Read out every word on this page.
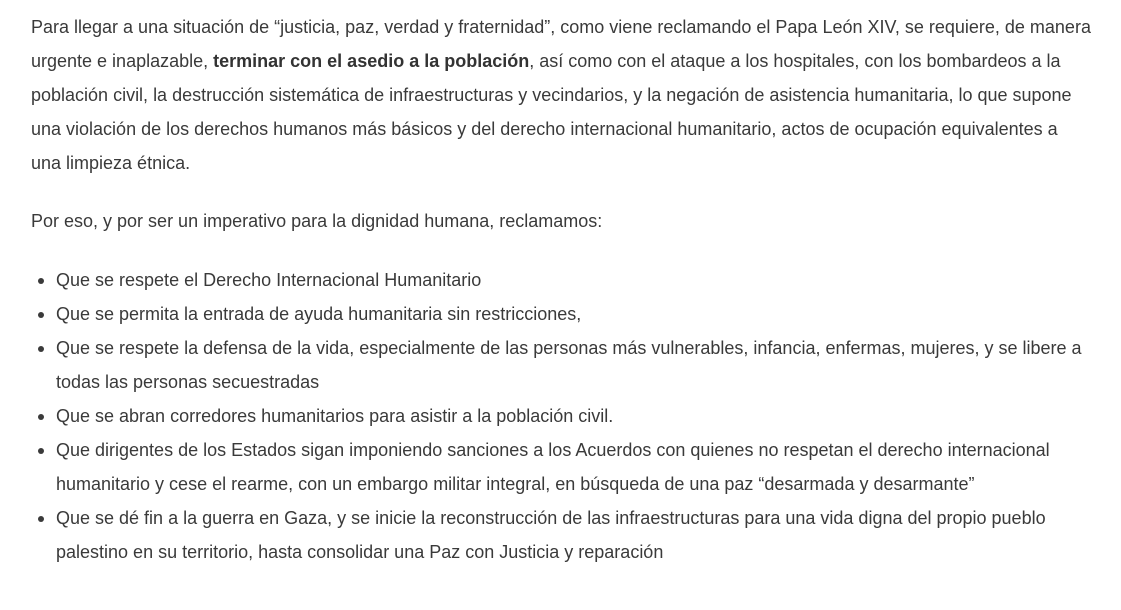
Para llegar a una situación de “justicia, paz, verdad y fraternidad”, como viene reclamando el Papa León XIV, se requiere, de manera urgente e inaplazable, terminar con el asedio a la población, así como con el ataque a los hospitales, con los bombardeos a la población civil, la destrucción sistemática de infraestructuras y vecindarios, y la negación de asistencia humanitaria, lo que supone una violación de los derechos humanos más básicos y del derecho internacional humanitario, actos de ocupación equivalentes a una limpieza étnica.

Por eso, y por ser un imperativo para la dignidad humana, reclamamos:

Que se respete el Derecho Internacional Humanitario
Que se permita la entrada de ayuda humanitaria sin restricciones,
Que se respete la defensa de la vida, especialmente de las personas más vulnerables, infancia, enfermas, mujeres, y se libere a todas las personas secuestradas
Que se abran corredores humanitarios para asistir a la población civil.
Que dirigentes de los Estados sigan imponiendo sanciones a los Acuerdos con quienes no respetan el derecho internacional humanitario y cese el rearme, con un embargo militar integral, en búsqueda de una paz “desarmada y desarmante”
Que se dé fin a la guerra en Gaza, y se inicie la reconstrucción de las infraestructuras para una vida digna del propio pueblo palestino en su territorio, hasta consolidar una Paz con Justicia y reparación
